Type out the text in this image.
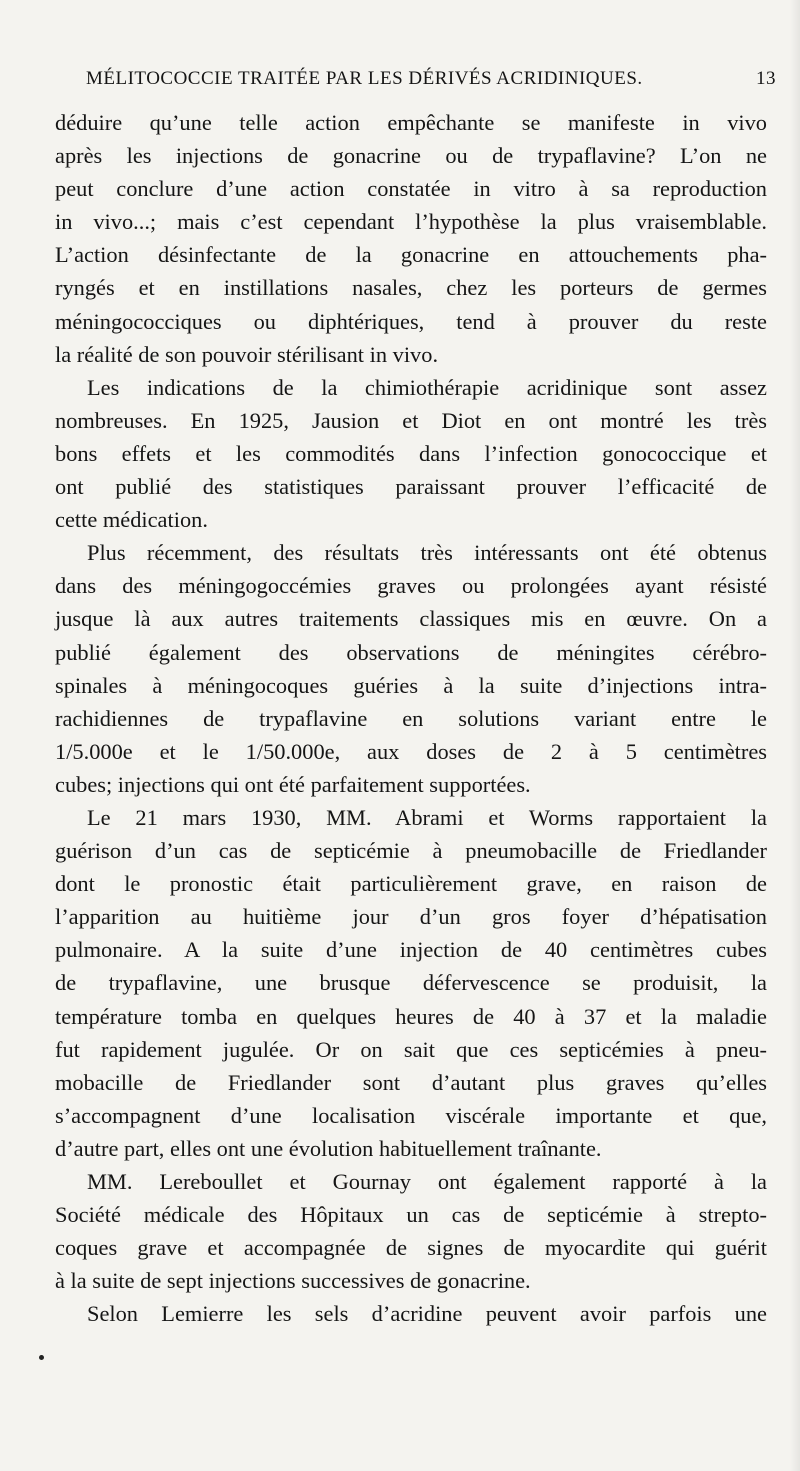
MÉLITOCOCCIE TRAITÉE PAR LES DÉRIVÉS ACRIDINIQUES.	13
déduire qu’une telle action empêchante se manifeste in vivo
après les injections de gonacrine ou de trypaflavine? L’on ne
peut conclure d’une action constatée in vitro à sa reproduction
in vivo...; mais c’est cependant l’hypothèse la plus vraisemblable.
L’action désinfectante de la gonacrine en attouchements pha-
ryngés et en instillations nasales, chez les porteurs de germes
méningococciques ou diphtériques, tend à prouver du reste
la réalité de son pouvoir stérilisant in vivo.
Les indications de la chimiothérapie acridinique sont assez
nombreuses. En 1925, Jausion et Diot en ont montré les très
bons effets et les commodités dans l’infection gonococcique et
ont publié des statistiques paraissant prouver l’efficacité de
cette médication.
Plus récemment, des résultats très intéressants ont été obtenus
dans des méningogoccémies graves ou prolongées ayant résisté
jusque là aux autres traitements classiques mis en œuvre. On a
publié également des observations de méningites cérébro-
spinales à méningocoques guéries à la suite d’injections intra-
rachidiennes de trypaflavine en solutions variant entre le
1/5.000e et le 1/50.000e, aux doses de 2 à 5 centimètres
cubes; injections qui ont été parfaitement supportées.
Le 21 mars 1930, MM. Abrami et Worms rapportaient la
guérison d’un cas de septicémie à pneumobacille de Friedlander
dont le pronostic était particulièrement grave, en raison de
l’apparition au huitième jour d’un gros foyer d’hépatisation
pulmonaire. A la suite d’une injection de 40 centimètres cubes
de trypaflavine, une brusque défervescence se produisit, la
température tomba en quelques heures de 40 à 37 et la maladie
fut rapidement jugulée. Or on sait que ces septicémies à pneu-
mobacille de Friedlander sont d’autant plus graves qu’elles
s’accompagnent d’une localisation viscérale importante et que,
d’autre part, elles ont une évolution habituellement traînante.
MM. Lereboullet et Gournay ont également rapporté à la
Société médicale des Hôpitaux un cas de septicémie à strepto-
coques grave et accompagnée de signes de myocardite qui guérit
à la suite de sept injections successives de gonacrine.
Selon Lemierre les sels d’acridine peuvent avoir parfois une
